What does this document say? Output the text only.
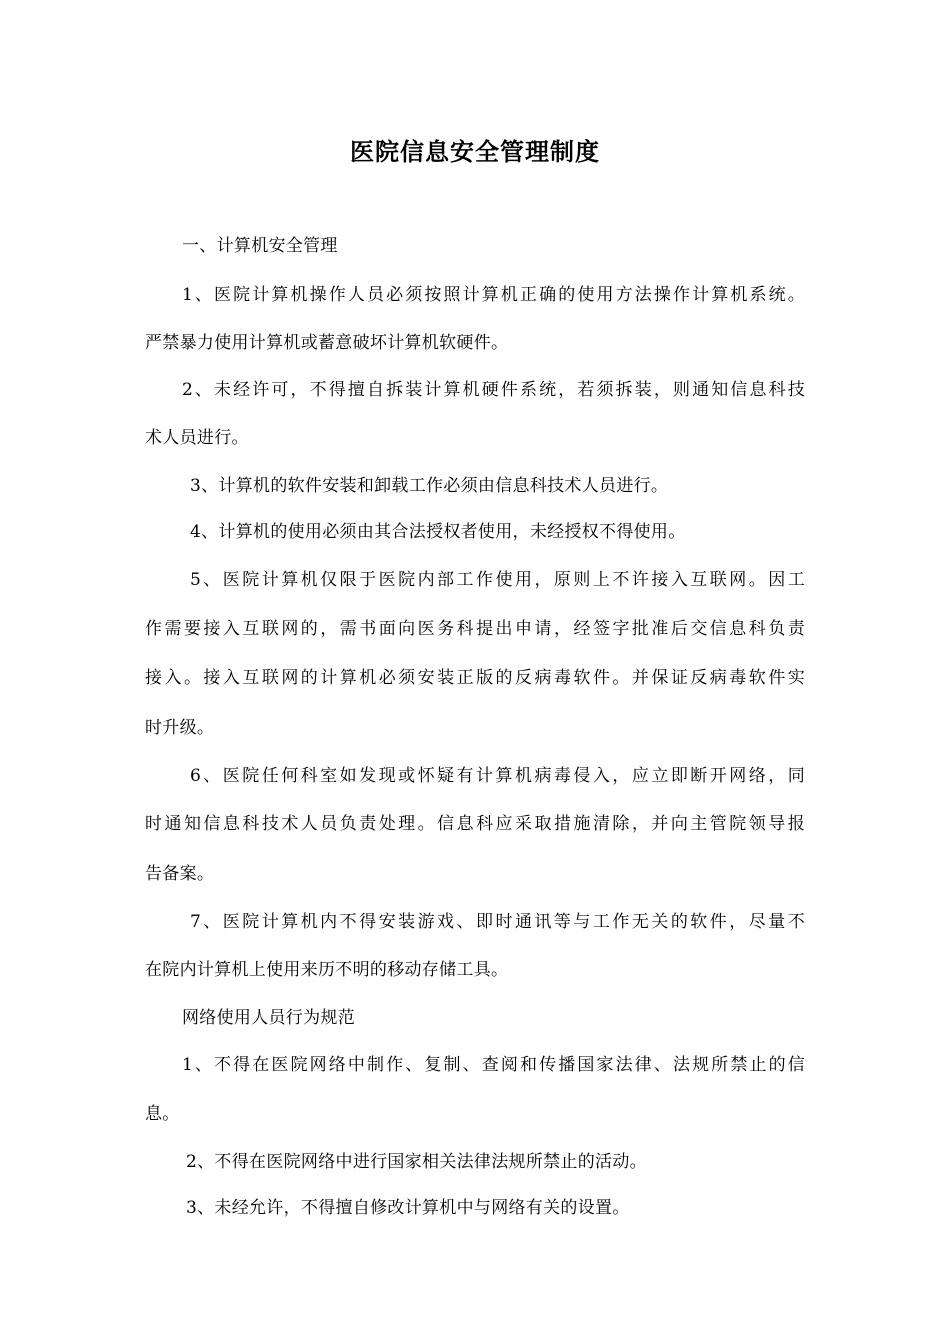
医院信息安全管理制度
一、计算机安全管理
1、医院计算机操作人员必须按照计算机正确的使用方法操作计算机系统。
严禁暴力使用计算机或蓄意破坏计算机软硬件。
2、未经许可，不得擅自拆装计算机硬件系统，若须拆装，则通知信息科技
术人员进行。
3、计算机的软件安装和卸载工作必须由信息科技术人员进行。
4、计算机的使用必须由其合法授权者使用，未经授权不得使用。
5、医院计算机仅限于医院内部工作使用，原则上不许接入互联网。因工
作需要接入互联网的，需书面向医务科提出申请，经签字批准后交信息科负责
接入。接入互联网的计算机必须安装正版的反病毒软件。并保证反病毒软件实
时升级。
6、医院任何科室如发现或怀疑有计算机病毒侵入，应立即断开网络，同
时通知信息科技术人员负责处理。信息科应采取措施清除，并向主管院领导报
告备案。
7、医院计算机内不得安装游戏、即时通讯等与工作无关的软件，尽量不
在院内计算机上使用来历不明的移动存储工具。
网络使用人员行为规范
1、不得在医院网络中制作、复制、查阅和传播国家法律、法规所禁止的信
息。
2、不得在医院网络中进行国家相关法律法规所禁止的活动。
3、未经允许，不得擅自修改计算机中与网络有关的设置。
